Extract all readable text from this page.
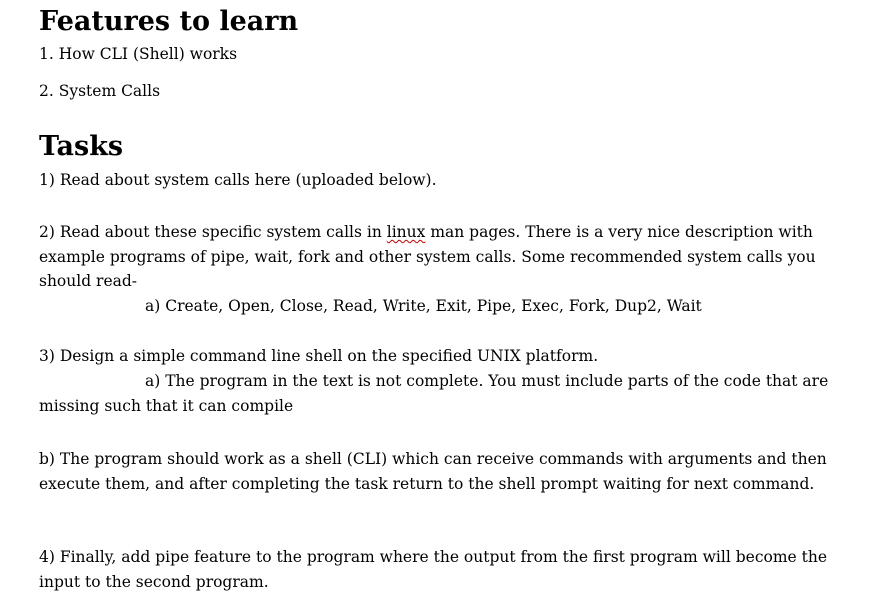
Features to learn
1. How CLI (Shell) works
2. System Calls
Tasks
1) Read about system calls here (uploaded below).
2) Read about these specific system calls in linux man pages. There is a very nice description with example programs of pipe, wait, fork and other system calls. Some recommended system calls you should read-
a) Create, Open, Close, Read, Write, Exit, Pipe, Exec, Fork, Dup2, Wait
3) Design a simple command line shell on the specified UNIX platform.
a) The program in the text is not complete. You must include parts of the code that are missing such that it can compile
b) The program should work as a shell (CLI) which can receive commands with arguments and then execute them, and after completing the task return to the shell prompt waiting for next command.
4) Finally, add pipe feature to the program where the output from the first program will become the input to the second program.
